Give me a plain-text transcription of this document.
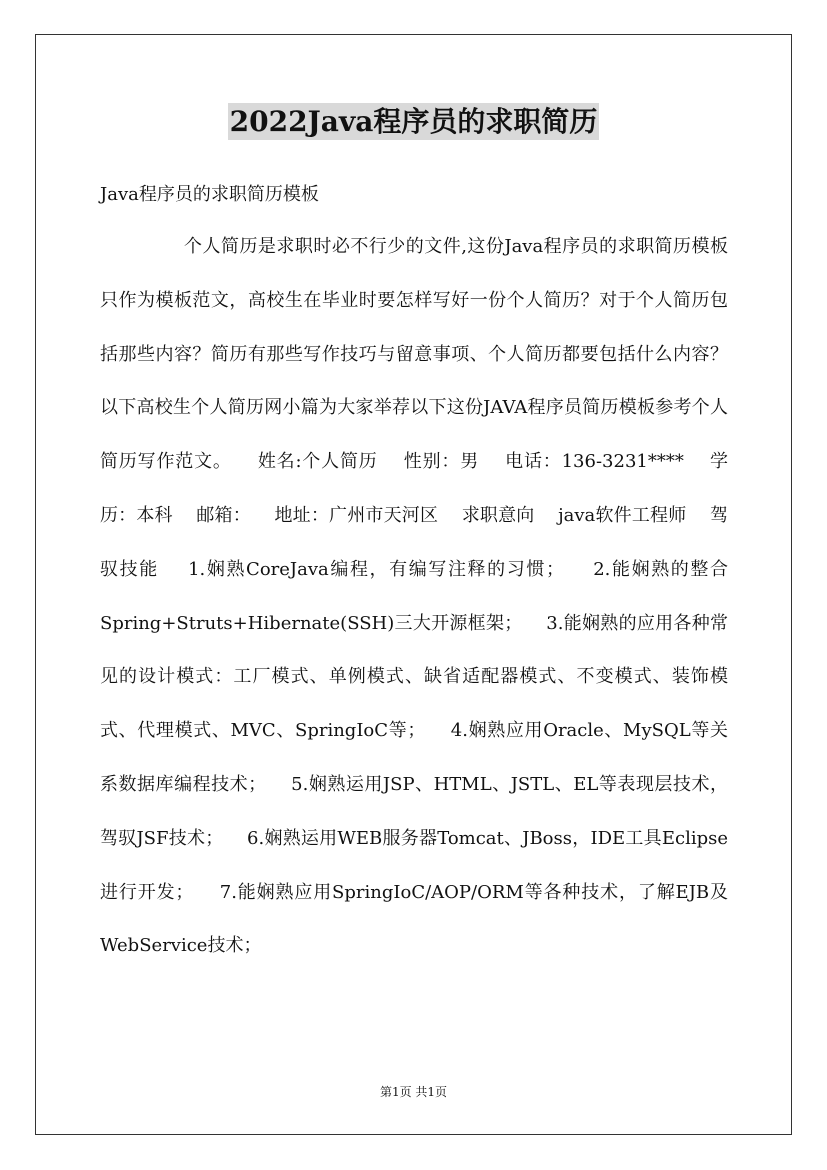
2022Java程序员的求职简历
Java程序员的求职简历模板

个人简历是求职时必不行少的文件,这份Java程序员的求职简历模板只作为模板范文，高校生在毕业时要怎样写好一份个人简历？对于个人简历包括那些内容？简历有那些写作技巧与留意事项、个人简历都要包括什么内容？以下高校生个人简历网小篇为大家举荐以下这份JAVA程序员简历模板参考个人简历写作范文。    姓名:个人简历    性别：男    电话：136-3231****    学历：本科    邮箱：    地址：广州市天河区    求职意向    java软件工程师    驾驭技能    1.娴熟CoreJava编程，有编写注释的习惯；    2.能娴熟的整合Spring+Struts+Hibernate(SSH)三大开源框架；    3.能娴熟的应用各种常见的设计模式：工厂模式、单例模式、缺省适配器模式、不变模式、装饰模式、代理模式、MVC、SpringIoC等；    4.娴熟应用Oracle、MySQL等关系数据库编程技术；    5.娴熟运用JSP、HTML、JSTL、EL等表现层技术，驾驭JSF技术；    6.娴熟运用WEB服务器Tomcat、JBoss，IDE工具Eclipse进行开发；    7.能娴熟应用SpringIoC/AOP/ORM等各种技术，了解EJB及WebService技术；

第1页 共1页
